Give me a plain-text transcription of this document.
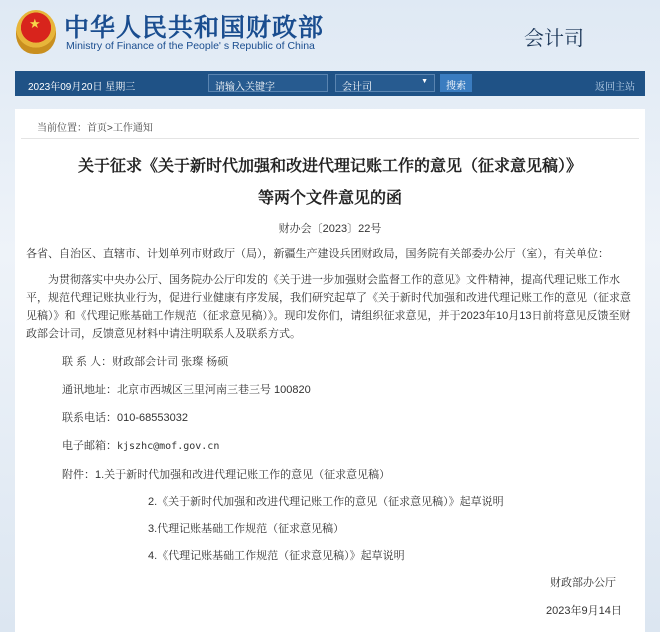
★
中华人民共和国财政部
Ministry of Finance of the People' s Republic of China	会计司
2023年09月20日 星期三	请输入关键字	会计司
▼	搜索	返回主站
当前位置：首页>工作通知
关于征求《关于新时代加强和改进代理记账工作的意见（征求意见稿）》
等两个文件意见的函
财办会〔2023〕22号
各省、自治区、直辖市、计划单列市财政厅（局），新疆生产建设兵团财政局，国务院有关部委办公厅（室），有关单位：
为贯彻落实中央办公厅、国务院办公厅印发的《关于进一步加强财会监督工作的意见》文件精神，提高代理记账工作水平，规范代理记账执业行为，促进行业健康有序发展，我们研究起草了《关于新时代加强和改进代理记账工作的意见（征求意见稿）》和《代理记账基础工作规范（征求意见稿）》。现印发你们，请组织征求意见，并于2023年10月13日前将意见反馈至财政部会计司，反馈意见材料中请注明联系人及联系方式。
联 系 人：财政部会计司 张璨 杨硕
通讯地址：北京市西城区三里河南三巷三号 100820
联系电话：010-68553032
电子邮箱：kjszhc@mof.gov.cn
附件：1.关于新时代加强和改进代理记账工作的意见（征求意见稿）
2.《关于新时代加强和改进代理记账工作的意见（征求意见稿）》起草说明
3.代理记账基础工作规范（征求意见稿）
4.《代理记账基础工作规范（征求意见稿）》起草说明
财政部办公厅
2023年9月14日
